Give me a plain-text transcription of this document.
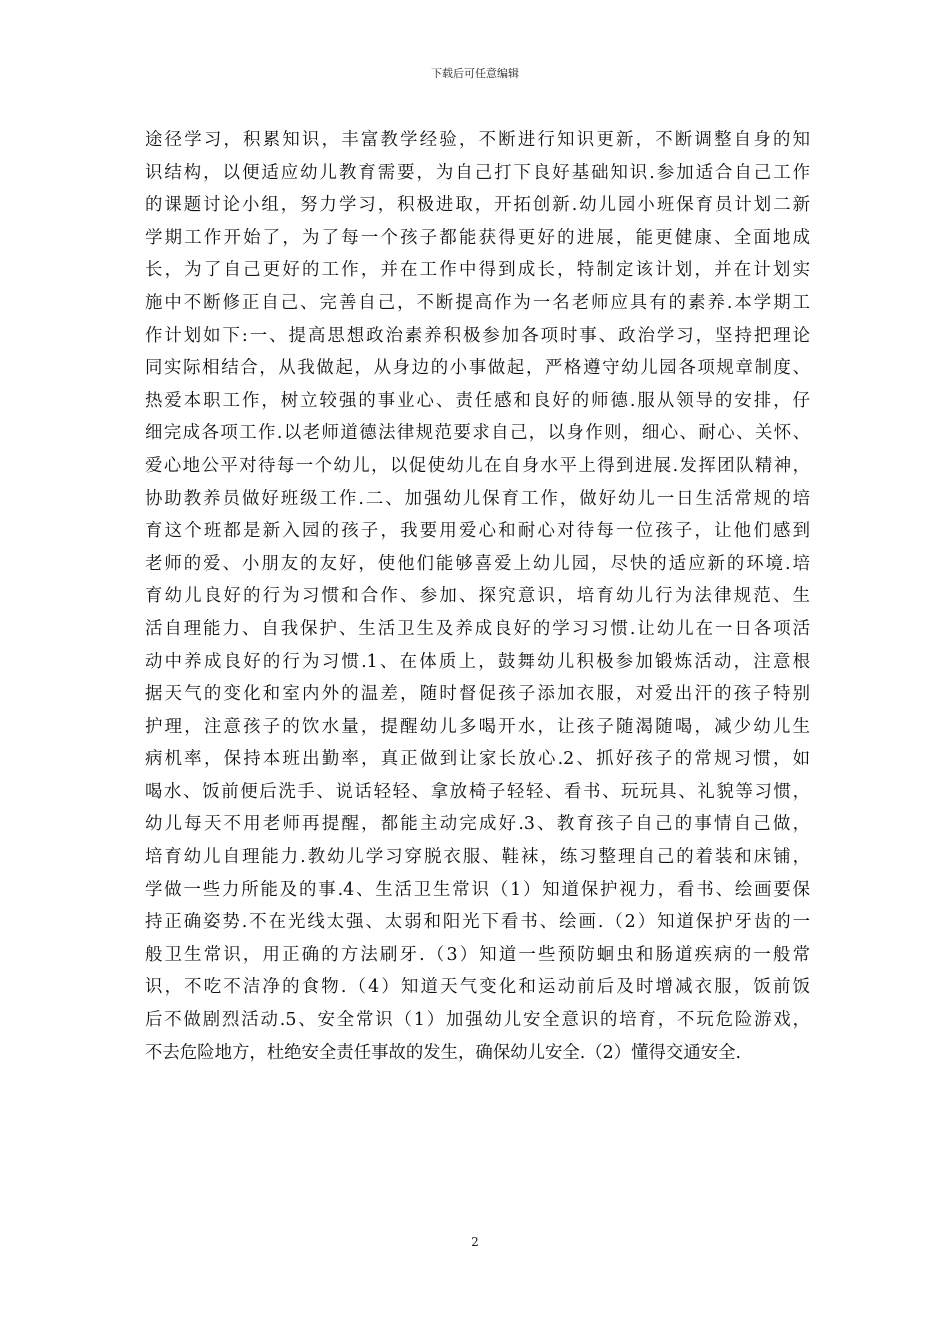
下载后可任意编辑
途径学习，积累知识，丰富教学经验，不断进行知识更新，不断调整自身的知
识结构，以便适应幼儿教育需要，为自己打下良好基础知识.参加适合自己工作
的课题讨论小组，努力学习，积极进取，开拓创新.幼儿园小班保育员计划二新
学期工作开始了，为了每一个孩子都能获得更好的进展，能更健康、全面地成
长，为了自己更好的工作，并在工作中得到成长，特制定该计划，并在计划实
施中不断修正自己、完善自己，不断提高作为一名老师应具有的素养.本学期工
作计划如下:一、提高思想政治素养积极参加各项时事、政治学习，坚持把理论
同实际相结合，从我做起，从身边的小事做起，严格遵守幼儿园各项规章制度、
热爱本职工作，树立较强的事业心、责任感和良好的师德.服从领导的安排，仔
细完成各项工作.以老师道德法律规范要求自己，以身作则，细心、耐心、关怀、
爱心地公平对待每一个幼儿，以促使幼儿在自身水平上得到进展.发挥团队精神，
协助教养员做好班级工作.二、加强幼儿保育工作，做好幼儿一日生活常规的培
育这个班都是新入园的孩子，我要用爱心和耐心对待每一位孩子，让他们感到
老师的爱、小朋友的友好，使他们能够喜爱上幼儿园，尽快的适应新的环境.培
育幼儿良好的行为习惯和合作、参加、探究意识，培育幼儿行为法律规范、生
活自理能力、自我保护、生活卫生及养成良好的学习习惯.让幼儿在一日各项活
动中养成良好的行为习惯.1、在体质上，鼓舞幼儿积极参加锻炼活动，注意根
据天气的变化和室内外的温差，随时督促孩子添加衣服，对爱出汗的孩子特别
护理，注意孩子的饮水量，提醒幼儿多喝开水，让孩子随渴随喝，减少幼儿生
病机率，保持本班出勤率，真正做到让家长放心.2、抓好孩子的常规习惯，如
喝水、饭前便后洗手、说话轻轻、拿放椅子轻轻、看书、玩玩具、礼貌等习惯，
幼儿每天不用老师再提醒，都能主动完成好.3、教育孩子自己的事情自己做，
培育幼儿自理能力.教幼儿学习穿脱衣服、鞋袜，练习整理自己的着装和床铺，
学做一些力所能及的事.4、生活卫生常识（1）知道保护视力，看书、绘画要保
持正确姿势.不在光线太强、太弱和阳光下看书、绘画.（2）知道保护牙齿的一
般卫生常识，用正确的方法刷牙.（3）知道一些预防蛔虫和肠道疾病的一般常
识，不吃不洁净的食物.（4）知道天气变化和运动前后及时增减衣服，饭前饭
后不做剧烈活动.5、安全常识（1）加强幼儿安全意识的培育，不玩危险游戏，
不去危险地方，杜绝安全责任事故的发生，确保幼儿安全.（2）懂得交通安全.
2
